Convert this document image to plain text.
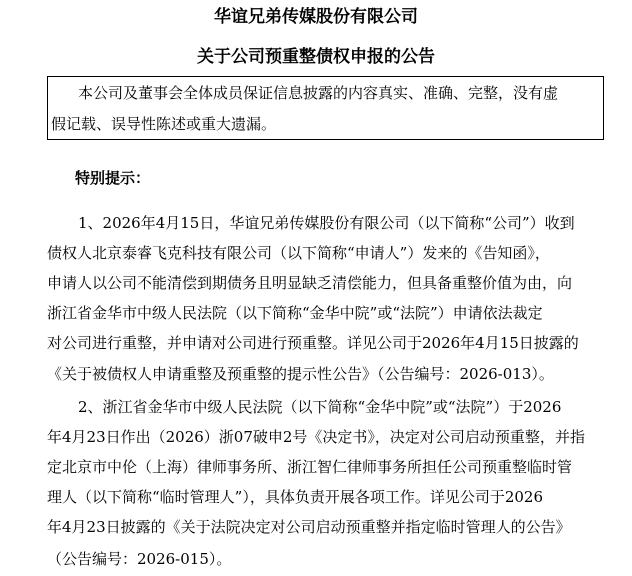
华谊兄弟传媒股份有限公司
关于公司预重整债权申报的公告
本公司及董事会全体成员保证信息披露的内容真实、准确、完整，没有虚
假记载、误导性陈述或重大遗漏。
特别提示：
1、2026年4月15日，华谊兄弟传媒股份有限公司（以下简称“公司”）收到
债权人北京泰睿飞克科技有限公司（以下简称“申请人”）发来的《告知函》，
申请人以公司不能清偿到期债务且明显缺乏清偿能力，但具备重整价值为由，向
浙江省金华市中级人民法院（以下简称“金华中院”或“法院”）申请依法裁定
对公司进行重整，并申请对公司进行预重整。详见公司于2026年4月15日披露的
《关于被债权人申请重整及预重整的提示性公告》（公告编号：2026-013）。
2、浙江省金华市中级人民法院（以下简称“金华中院”或“法院”）于2026
年4月23日作出（2026）浙07破申2号《决定书》，决定对公司启动预重整，并指
定北京市中伦（上海）律师事务所、浙江智仁律师事务所担任公司预重整临时管
理人（以下简称“临时管理人”），具体负责开展各项工作。详见公司于2026
年4月23日披露的《关于法院决定对公司启动预重整并指定临时管理人的公告》
（公告编号：2026-015）。
